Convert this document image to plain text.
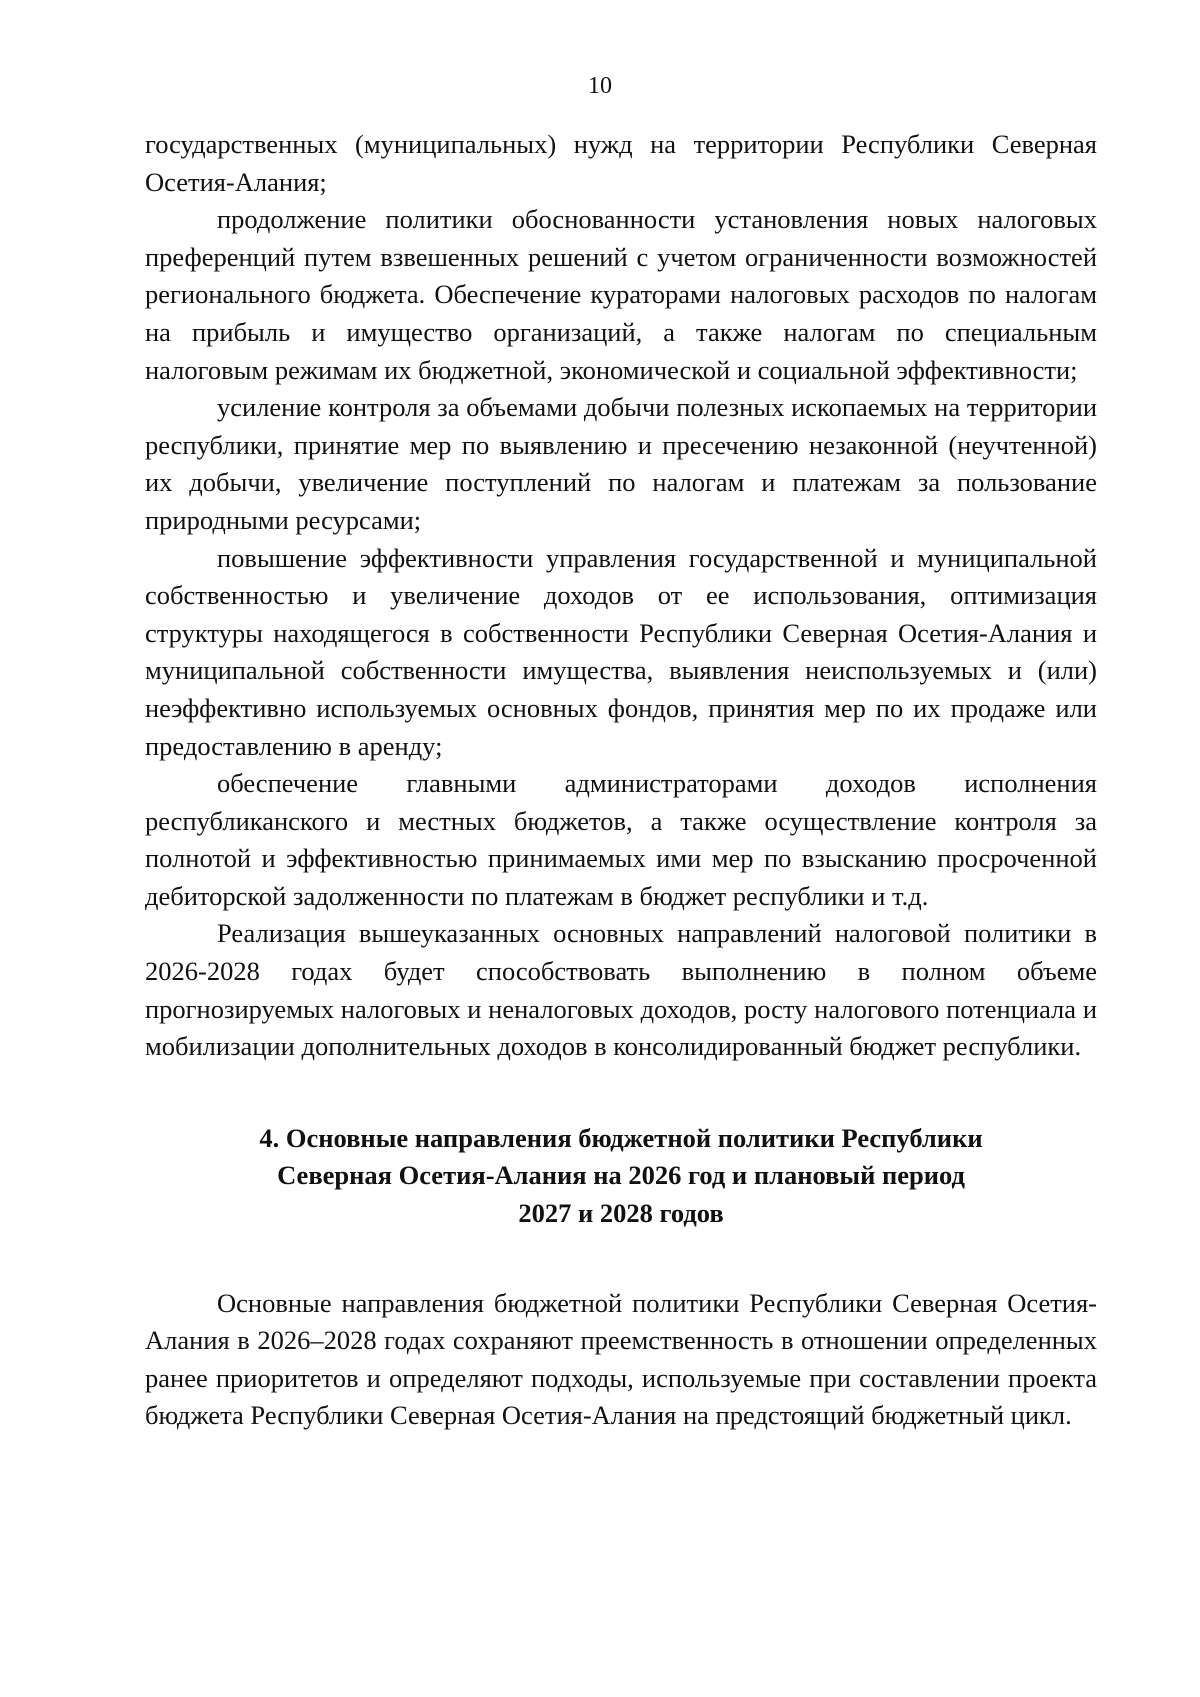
10

государственных (муниципальных) нужд на территории Республики Северная Осетия-Алания;

продолжение политики обоснованности установления новых налоговых преференций путем взвешенных решений с учетом ограниченности возможностей регионального бюджета. Обеспечение кураторами налоговых расходов по налогам на прибыль и имущество организаций, а также налогам по специальным налоговым режимам их бюджетной, экономической и социальной эффективности;

усиление контроля за объемами добычи полезных ископаемых на территории республики, принятие мер по выявлению и пресечению незаконной (неучтенной) их добычи, увеличение поступлений по налогам и платежам за пользование природными ресурсами;

повышение эффективности управления государственной и муниципальной собственностью и увеличение доходов от ее использования, оптимизация структуры находящегося в собственности Республики Северная Осетия-Алания и муниципальной собственности имущества, выявления неиспользуемых и (или) неэффективно используемых основных фондов, принятия мер по их продаже или предоставлению в аренду;

обеспечение главными администраторами доходов исполнения республиканского и местных бюджетов, а также осуществление контроля за полнотой и эффективностью принимаемых ими мер по взысканию просроченной дебиторской задолженности по платежам в бюджет республики и т.д.

Реализация вышеуказанных основных направлений налоговой политики в 2026-2028 годах будет способствовать выполнению в полном объеме прогнозируемых налоговых и неналоговых доходов, росту налогового потенциала и мобилизации дополнительных доходов в консолидированный бюджет республики.

4. Основные направления бюджетной политики Республики
Северная Осетия-Алания на 2026 год и плановый период
2027 и 2028 годов

Основные направления бюджетной политики Республики Северная Осетия-Алания в 2026–2028 годах сохраняют преемственность в отношении определенных ранее приоритетов и определяют подходы, используемые при составлении проекта бюджета Республики Северная Осетия-Алания на предстоящий бюджетный цикл.
